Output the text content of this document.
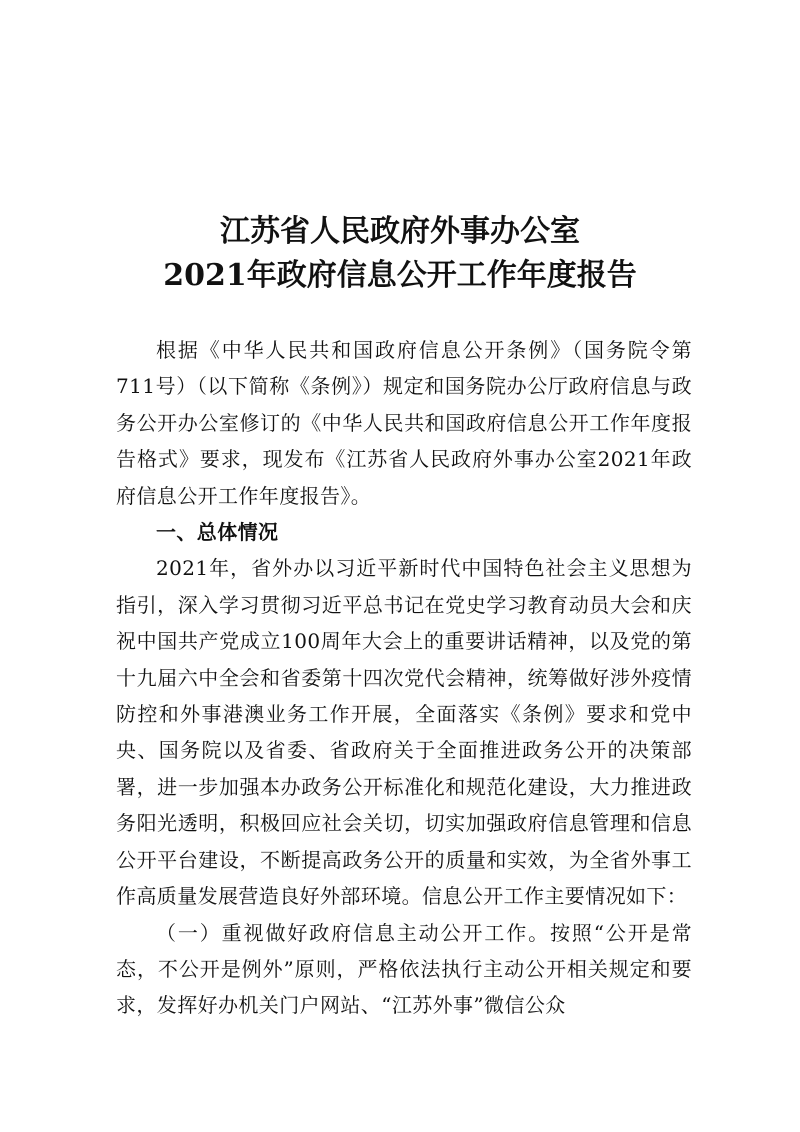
江苏省人民政府外事办公室
2021年政府信息公开工作年度报告

根据《中华人民共和国政府信息公开条例》（国务院令第711号）（以下简称《条例》）规定和国务院办公厅政府信息与政务公开办公室修订的《中华人民共和国政府信息公开工作年度报告格式》要求，现发布《江苏省人民政府外事办公室2021年政府信息公开工作年度报告》。

一、总体情况

2021年，省外办以习近平新时代中国特色社会主义思想为指引，深入学习贯彻习近平总书记在党史学习教育动员大会和庆祝中国共产党成立100周年大会上的重要讲话精神，以及党的第十九届六中全会和省委第十四次党代会精神，统筹做好涉外疫情防控和外事港澳业务工作开展，全面落实《条例》要求和党中央、国务院以及省委、省政府关于全面推进政务公开的决策部署，进一步加强本办政务公开标准化和规范化建设，大力推进政务阳光透明，积极回应社会关切，切实加强政府信息管理和信息公开平台建设，不断提高政务公开的质量和实效，为全省外事工作高质量发展营造良好外部环境。信息公开工作主要情况如下：

（一）重视做好政府信息主动公开工作。按照“公开是常态，不公开是例外”原则，严格依法执行主动公开相关规定和要求，发挥好办机关门户网站、“江苏外事”微信公众
